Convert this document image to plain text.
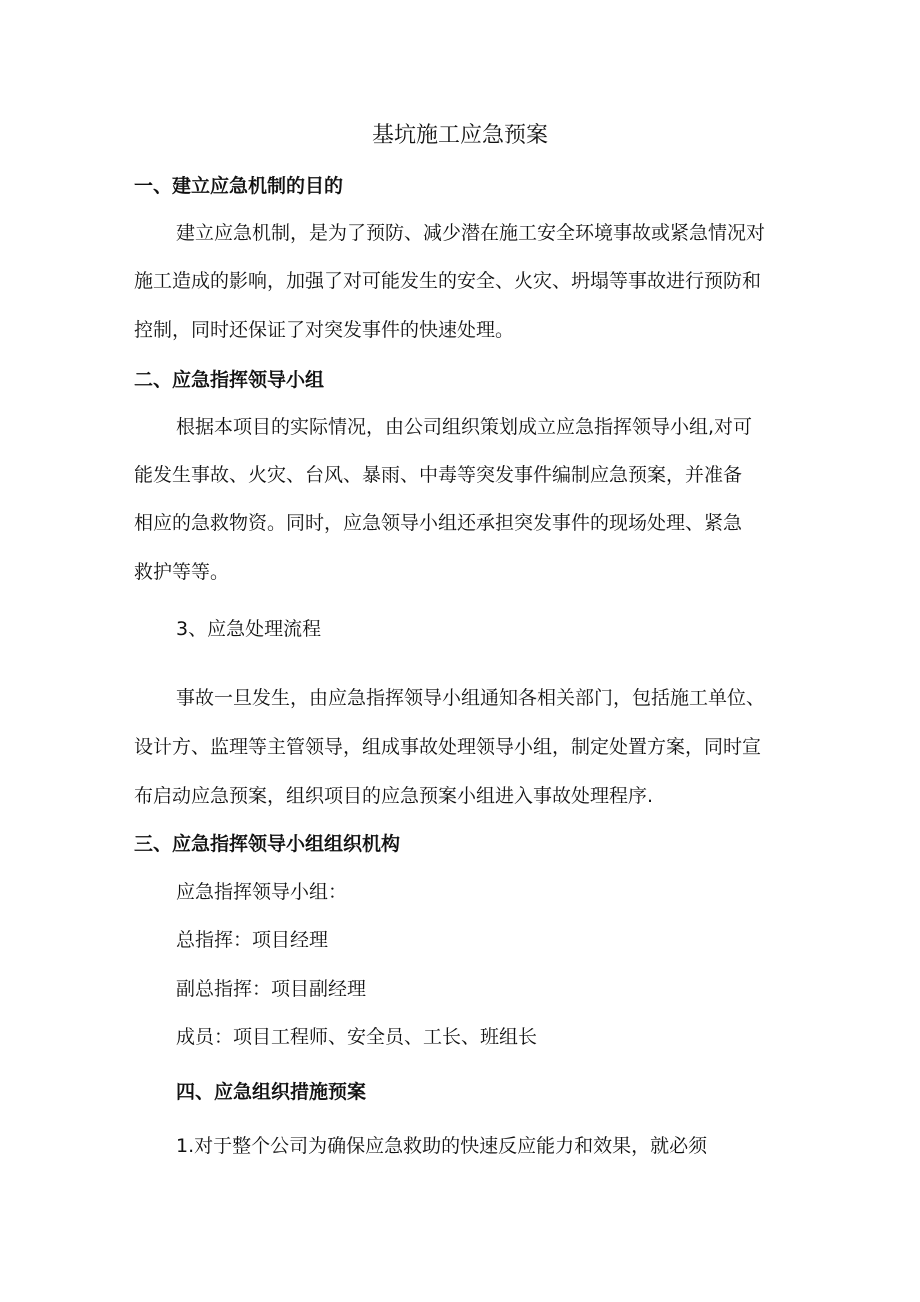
基坑施工应急预案
一、建立应急机制的目的
建立应急机制，是为了预防、减少潜在施工安全环境事故或紧急情况对
施工造成的影响，加强了对可能发生的安全、火灾、坍塌等事故进行预防和
控制，同时还保证了对突发事件的快速处理。
二、应急指挥领导小组
根据本项目的实际情况，由公司组织策划成立应急指挥领导小组,对可
能发生事故、火灾、台风、暴雨、中毒等突发事件编制应急预案，并准备
相应的急救物资。同时，应急领导小组还承担突发事件的现场处理、紧急
救护等等。
3、应急处理流程
事故一旦发生，由应急指挥领导小组通知各相关部门，包括施工单位、
设计方、监理等主管领导，组成事故处理领导小组，制定处置方案，同时宣
布启动应急预案，组织项目的应急预案小组进入事故处理程序.
三、应急指挥领导小组组织机构
应急指挥领导小组：
总指挥：项目经理
副总指挥：项目副经理
成员：项目工程师、安全员、工长、班组长
四、应急组织措施预案
1.对于整个公司为确保应急救助的快速反应能力和效果，就必须
